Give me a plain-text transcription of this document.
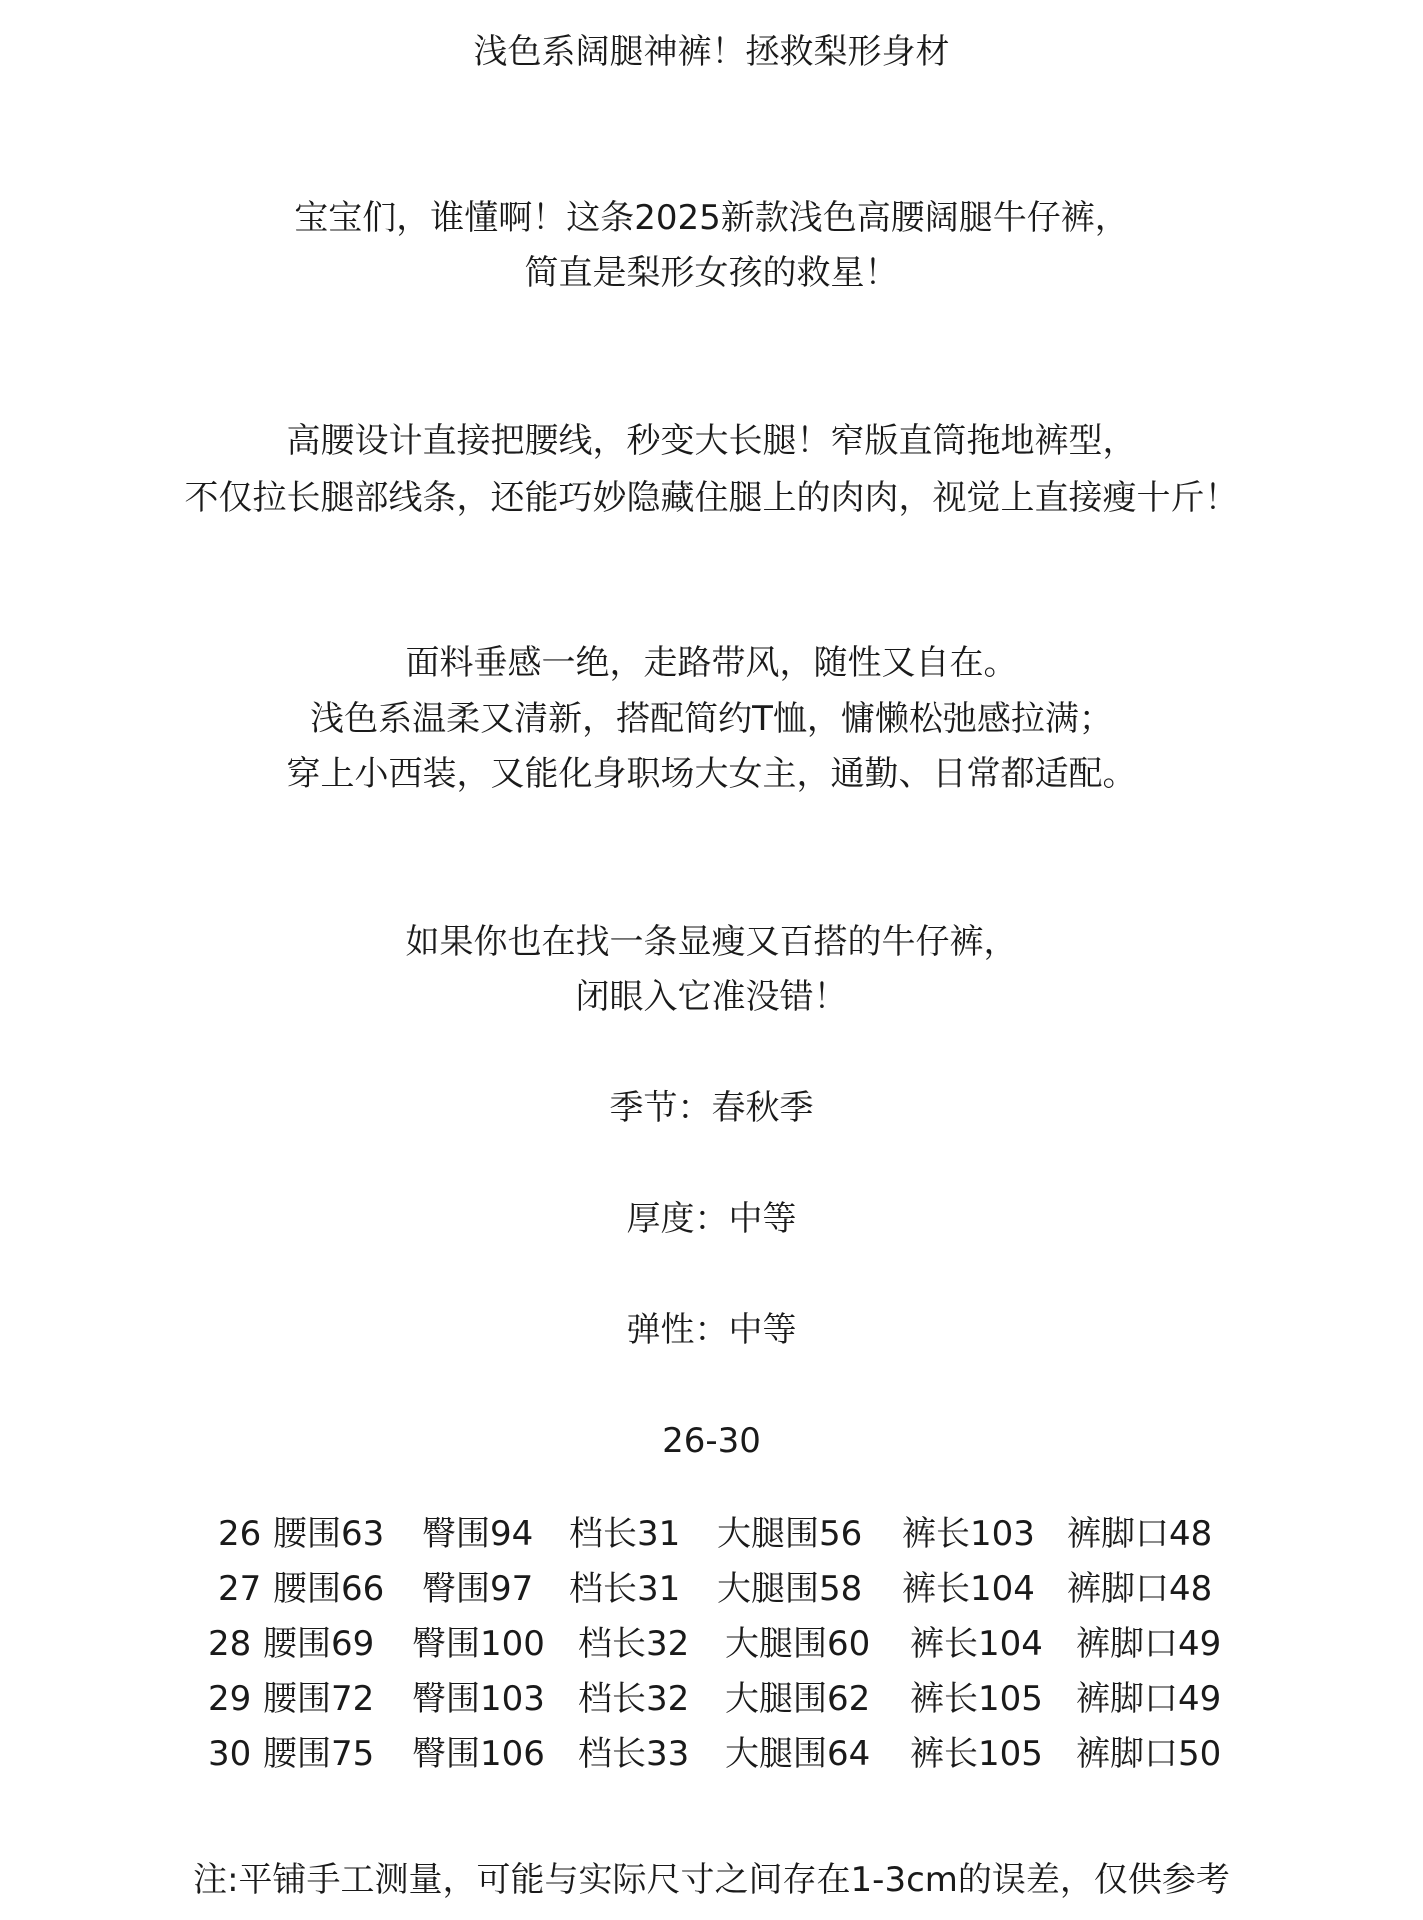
浅色系阔腿神裤！拯救梨形身材
宝宝们，谁懂啊！这条2025新款浅色高腰阔腿牛仔裤，
简直是梨形女孩的救星！
高腰设计直接把腰线，秒变大长腿！窄版直筒拖地裤型，
不仅拉长腿部线条，还能巧妙隐藏住腿上的肉肉，视觉上直接瘦十斤！
面料垂感一绝，走路带风，随性又自在。
浅色系温柔又清新，搭配简约T恤，慵懒松弛感拉满；
穿上小西装，又能化身职场大女主，通勤、日常都适配。
如果你也在找一条显瘦又百搭的牛仔裤，
闭眼入它准没错！
季节：春秋季
厚度：中等
弹性：中等
26-30
26 腰围63 臀围94 档长31 大腿围56 裤长103 裤脚口48
27 腰围66 臀围97 档长31 大腿围58 裤长104 裤脚口48
28 腰围69 臀围100 档长32 大腿围60 裤长104 裤脚口49
29 腰围72 臀围103 档长32 大腿围62 裤长105 裤脚口49
30 腰围75 臀围106 档长33 大腿围64 裤长105 裤脚口50
注:平铺手工测量，可能与实际尺寸之间存在1-3cm的误差，仅供参考
